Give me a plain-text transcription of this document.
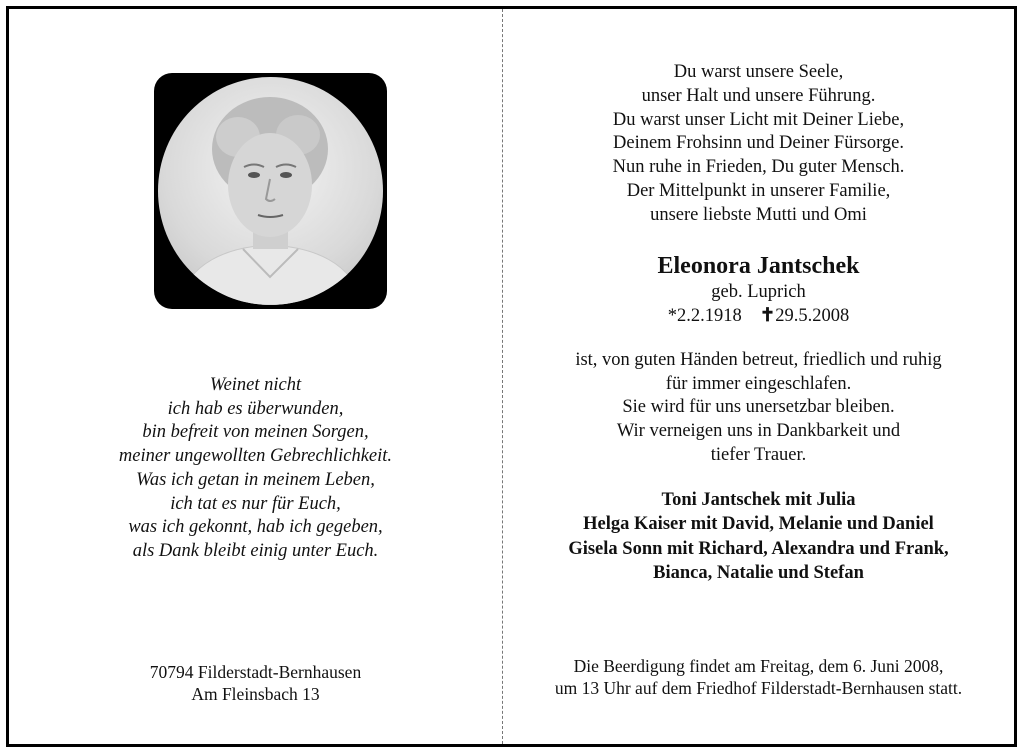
Weinet nicht
ich hab es überwunden,
bin befreit von meinen Sorgen,
meiner ungewollten Gebrechlichkeit.
Was ich getan in meinem Leben,
ich tat es nur für Euch,
was ich gekonnt, hab ich gegeben,
als Dank bleibt einig unter Euch.
70794 Filderstadt-Bernhausen
Am Fleinsbach 13
Du warst unsere Seele,
unser Halt und unsere Führung.
Du warst unser Licht mit Deiner Liebe,
Deinem Frohsinn und Deiner Fürsorge.
Nun ruhe in Frieden, Du guter Mensch.
Der Mittelpunkt in unserer Familie,
unsere liebste Mutti und Omi
Eleonora Jantschek
geb. Luprich
*2.2.1918 ✝29.5.2008
ist, von guten Händen betreut, friedlich und ruhig
für immer eingeschlafen.
Sie wird für uns unersetzbar bleiben.
Wir verneigen uns in Dankbarkeit und
tiefer Trauer.
Toni Jantschek mit Julia
Helga Kaiser mit David, Melanie und Daniel
Gisela Sonn mit Richard, Alexandra und Frank,
Bianca, Natalie und Stefan
Die Beerdigung findet am Freitag, dem 6. Juni 2008,
um 13 Uhr auf dem Friedhof Filderstadt-Bernhausen statt.
